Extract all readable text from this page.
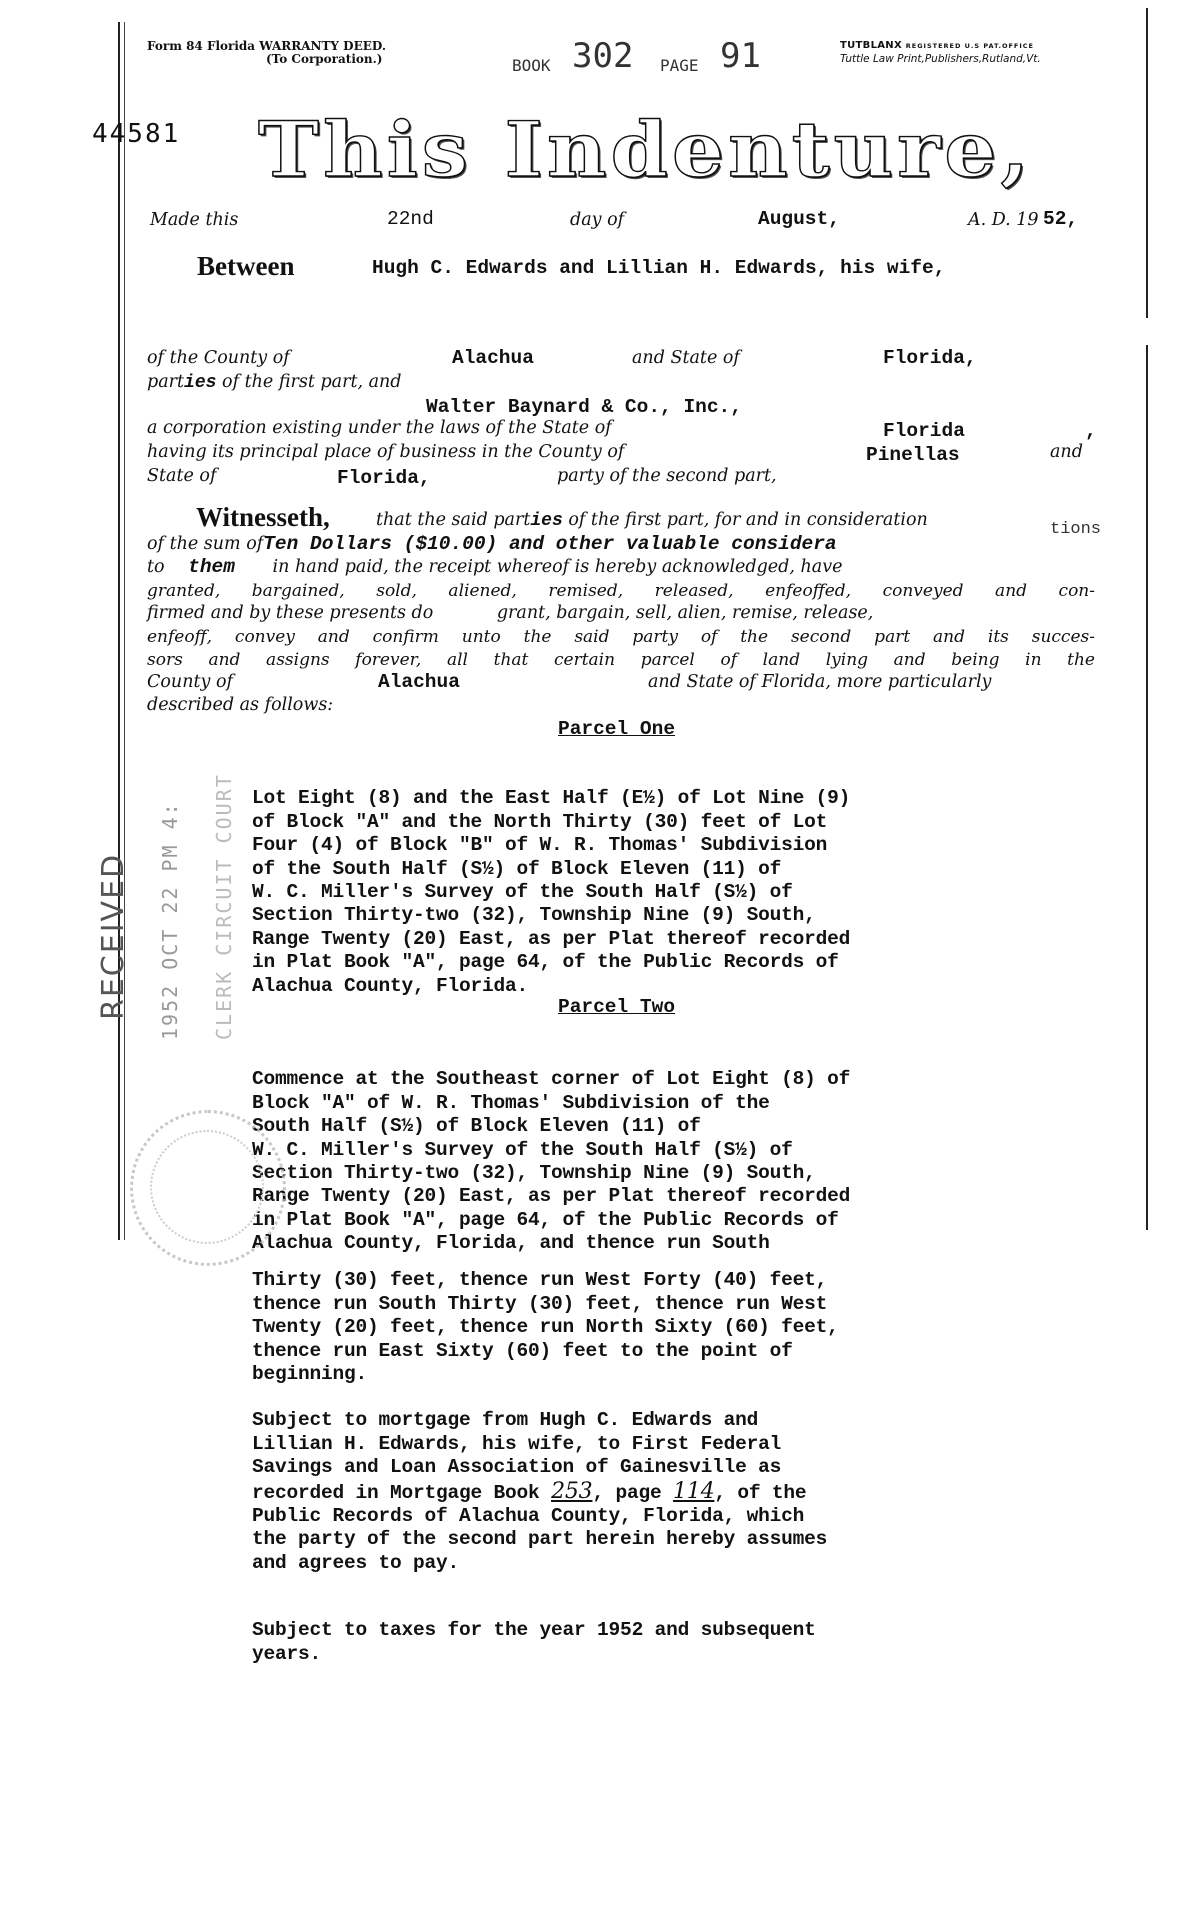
Form 84 Florida WARRANTY DEED.
(To Corporation.)	BOOK 302 PAGE 91	TUTBLANX REGISTERED U.S PAT.OFFICE
Tuttle Law Print,Publishers,Rutland,Vt.
44581 This Indenture,
Made this	22nd	day of	August,	A. D. 19 52,
Between	Hugh C. Edwards and Lillian H. Edwards, his wife,
of the County of	Alachua	and State of	Florida,
parties of the first part, and
Walter Baynard & Co., Inc.,
a corporation existing under the laws of the State of	Florida	,
having its principal place of business in the County of	Pinellas	and
State of	Florida,	party of the second part,
Witnesseth,	that the said parties of the first part, for and in consideration
of the sum ofTen Dollars ($10.00) and other valuable considera
tions
to them in hand paid, the receipt whereof is hereby acknowledged, have
granted, bargained, sold, aliened, remised, released, enfeoffed, conveyed and con-
firmed and by these presents do	grant, bargain, sell, alien, remise, release,
enfeoff, convey and confirm unto the said party of the second part and its succes-
sors and assigns forever, all that certain parcel of land lying and being in the
County of	Alachua	and State of Florida, more particularly
described as follows:
Parcel One

Lot Eight (8) and the East Half (E½) of Lot Nine (9)
of Block "A" and the North Thirty (30) feet of Lot
Four (4) of Block "B" of W. R. Thomas' Subdivision
of the South Half (S½) of Block Eleven (11) of
W. C. Miller's Survey of the South Half (S½) of
Section Thirty-two (32), Township Nine (9) South,
Range Twenty (20) East, as per Plat thereof recorded
in Plat Book "A", page 64, of the Public Records of
Alachua County, Florida.

Parcel Two

Commence at the Southeast corner of Lot Eight (8) of
Block "A" of W. R. Thomas' Subdivision of the
South Half (S½) of Block Eleven (11) of
W. C. Miller's Survey of the South Half (S½) of
Section Thirty-two (32), Township Nine (9) South,
Range Twenty (20) East, as per Plat thereof recorded
in Plat Book "A", page 64, of the Public Records of
Alachua County, Florida, and thence run South

Thirty (30) feet, thence run West Forty (40) feet,
thence run South Thirty (30) feet, thence run West
Twenty (20) feet, thence run North Sixty (60) feet,
thence run East Sixty (60) feet to the point of
beginning.

Subject to mortgage from Hugh C. Edwards and
Lillian H. Edwards, his wife, to First Federal
Savings and Loan Association of Gainesville as
recorded in Mortgage Book 253, page 114, of the
Public Records of Alachua County, Florida, which
the party of the second part herein hereby assumes
and agrees to pay.

Subject to taxes for the year 1952 and subsequent
years.

RECEIVED 1952 OCT 22 PM 4: CLERK CIRCUIT COURT
